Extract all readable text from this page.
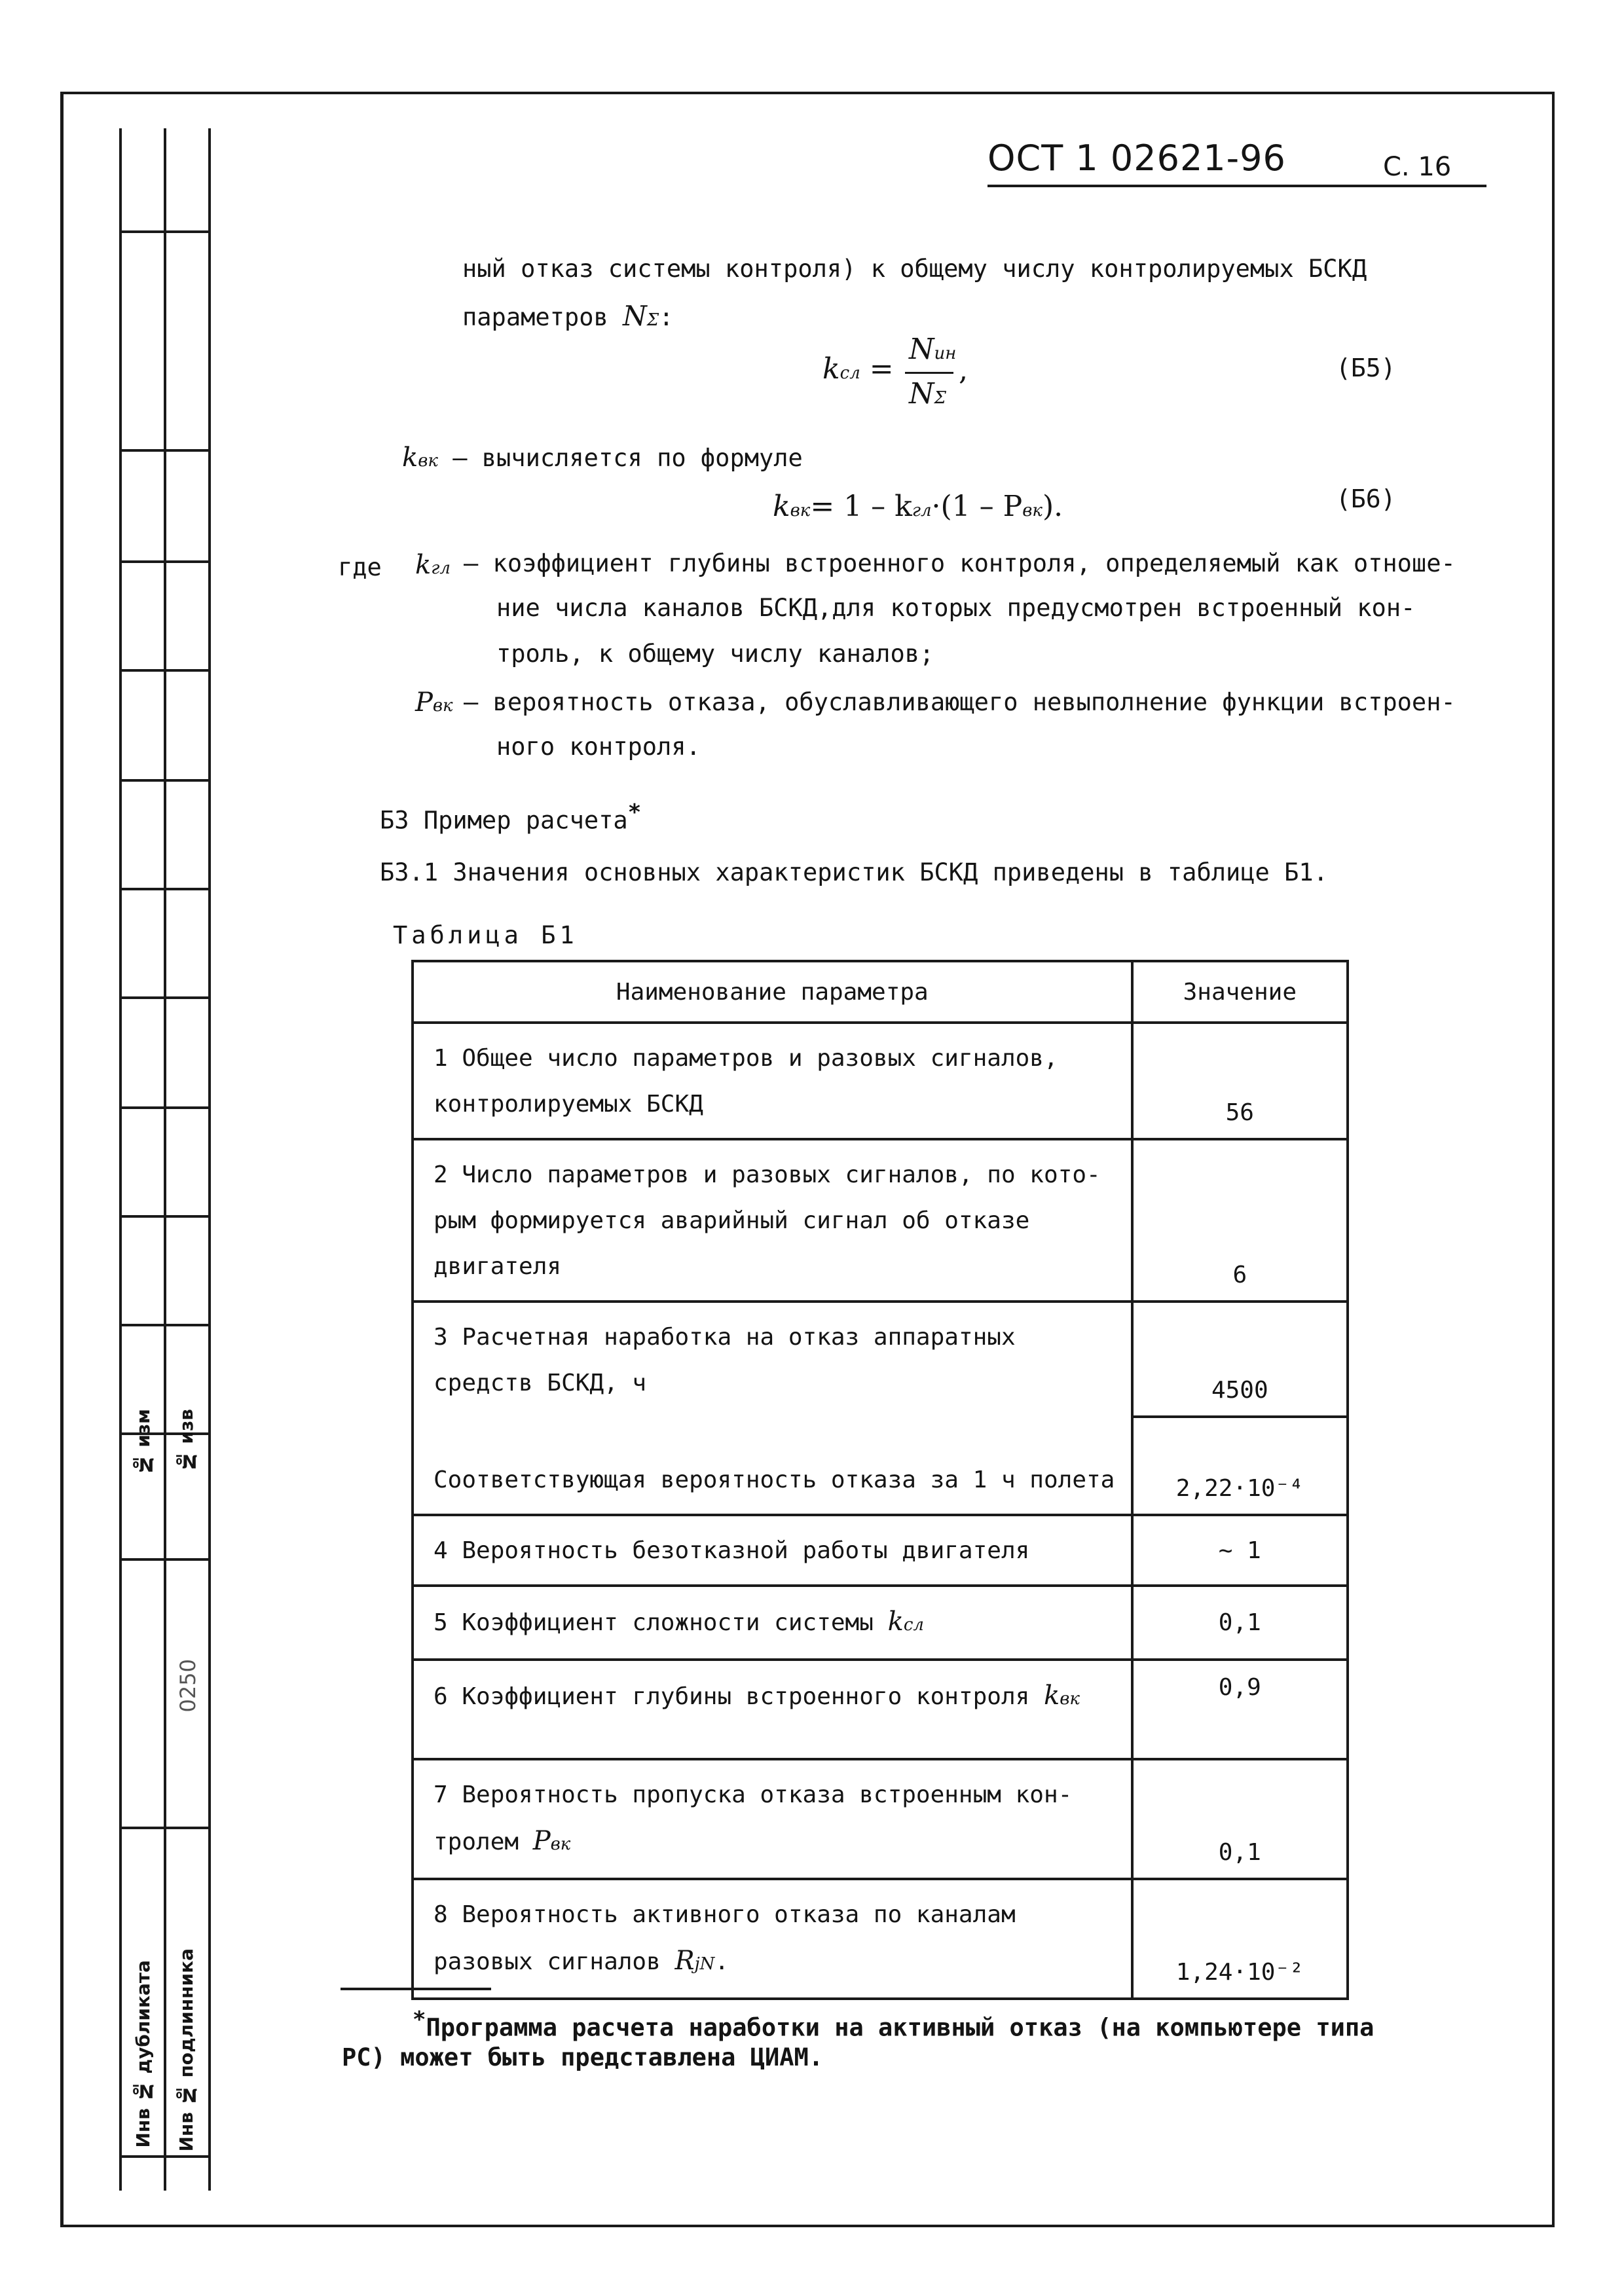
№ изм № изв
0250
Инв № дубликата Инв № подлинника
ОСТ 1 02621-96	С. 16
ный отказ системы контроля) к общему числу контролируемых БСКД
параметров NΣ:
kсл =
Nин
NΣ
,	(Б5)
kвк – вычисляется по формуле
kвк= 1 – kгл·(1 – Pвк).	(Б6)
где kгл – коэффициент глубины встроенного контроля, определяемый как отноше-
ние числа каналов БСКД,для которых предусмотрен встроенный кон-
троль, к общему числу каналов;
Pвк – вероятность отказа, обуславливающего невыполнение функции встроен-
ного контроля.
Б3 Пример расчета*
Б3.1 Значения основных характеристик БСКД приведены в таблице Б1.
Таблица Б1
Наименование параметра	Значение
1 Общее число параметров и разовых сигналов, контролируемых БСКД	56
2 Число параметров и разовых сигналов, по кото- рым формируется аварийный сигнал об отказе двигателя	6
3 Расчетная наработка на отказ аппаратных средств БСКД, ч	4500
Соответствующая вероятность отказа за 1 ч полета	2,22·10⁻⁴
4 Вероятность безотказной работы двигателя	~ 1
5 Коэффициент сложности системы kсл	0,1
6 Коэффициент глубины встроенного контроля kвк	0,9
7 Вероятность пропуска отказа встроенным кон- тролем Pвк	0,1
8 Вероятность активного отказа по каналам разовых сигналов RjN.	1,24·10⁻²
*Программа расчета наработки на активный отказ (на компьютере типа
РС) может быть представлена ЦИАМ.
